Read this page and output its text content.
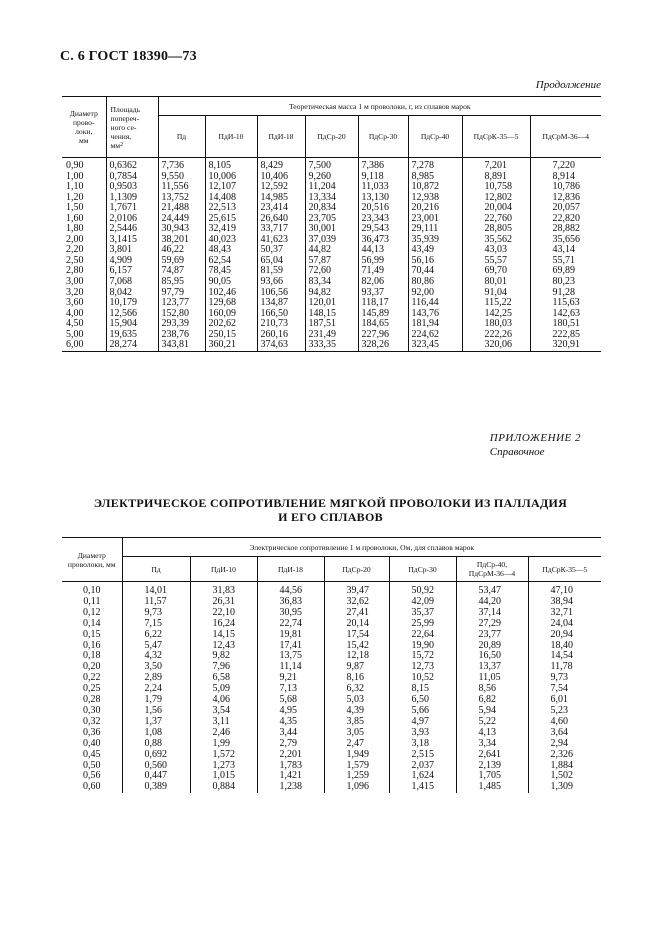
С. 6 ГОСТ 18390—73
Продолжение
Диаметр
прово-
локи,
мм	Площадь
попереч-
ного се-
чения,
$мм^2$	Теоретическая масса 1 м проволоки, г, из сплавов марок							
		Пд	ПдИ-10	ПдИ-18	ПдСр-20	ПдСр-30	ПдСр-40	ПдСрК-35—5	ПдСрМ-36—4
0,90	0,6362	7,736	8,105	8,429	7,500	7,386	7,278	7,201	7,220
1,00	0,7854	9,550	10,006	10,406	9,260	9,118	8,985	8,891	8,914
1,10	0,9503	11,556	12,107	12,592	11,204	11,033	10,872	10,758	10,786
1,20	1,1309	13,752	14,408	14,985	13,334	13,130	12,938	12,802	12,836
1,50	1,7671	21,488	22,513	23,414	20,834	20,516	20,216	20,004	20,057
1,60	2,0106	24,449	25,615	26,640	23,705	23,343	23,001	22,760	22,820
1,80	2,5446	30,943	32,419	33,717	30,001	29,543	29,111	28,805	28,882
2,00	3,1415	38,201	40,023	41,623	37,039	36,473	35,939	35,562	35,656
2,20	3,801	46,22	48,43	50,37	44,82	44,13	43,49	43,03	43,14
2,50	4,909	59,69	62,54	65,04	57,87	56,99	56,16	55,57	55,71
2,80	6,157	74,87	78,45	81,59	72,60	71,49	70,44	69,70	69,89
3,00	7,068	85,95	90,05	93,66	83,34	82,06	80,86	80,01	80,23
3,20	8,042	97,79	102,46	106,56	94,82	93,37	92,00	91,04	91,28
3,60	10,179	123,77	129,68	134,87	120,01	118,17	116,44	115,22	115,63
4,00	12,566	152,80	160,09	166,50	148,15	145,89	143,76	142,25	142,63
4,50	15,904	293,39	202,62	210,73	187,51	184,65	181,94	180,03	180,51
5,00	19,635	238,76	250,15	260,16	231,49	227,96	224,62	222,26	222,85
6,00	28,274	343,81	360,21	374,63	333,35	328,26	323,45	320,06	320,91
ПРИЛОЖЕНИЕ 2
Справочное
ЭЛЕКТРИЧЕСКОЕ СОПРОТИВЛЕНИЕ МЯГКОЙ ПРОВОЛОКИ ИЗ ПАЛЛАДИЯ
И ЕГО СПЛАВОВ
Диаметр
проволоки, мм	Электрическое сопротивление 1 м проволоки, Ом, для сплавов марок						
	Пд	ПдИ-10	ПдИ-18	ПдСр-20	ПдСр-30	ПдСр-40,
ПдСрМ-36—4	ПдСрК-35—5
0,10	14,01	31,83	44,56	39,47	50,92	53,47	47,10
0,11	11,57	26,31	36,83	32,62	42,09	44,20	38,94
0,12	9,73	22,10	30,95	27,41	35,37	37,14	32,71
0,14	7,15	16,24	22,74	20,14	25,99	27,29	24,04
0,15	6,22	14,15	19,81	17,54	22,64	23,77	20,94
0,16	5,47	12,43	17,41	15,42	19,90	20,89	18,40
0,18	4,32	9,82	13,75	12,18	15,72	16,50	14,54
0,20	3,50	7,96	11,14	9,87	12,73	13,37	11,78
0,22	2,89	6,58	9,21	8,16	10,52	11,05	9,73
0,25	2,24	5,09	7,13	6,32	8,15	8,56	7,54
0,28	1,79	4,06	5,68	5,03	6,50	6,82	6,01
0,30	1,56	3,54	4,95	4,39	5,66	5,94	5,23
0,32	1,37	3,11	4,35	3,85	4,97	5,22	4,60
0,36	1,08	2,46	3,44	3,05	3,93	4,13	3,64
0,40	0,88	1,99	2,79	2,47	3,18	3,34	2,94
0,45	0,692	1,572	2,201	1,949	2,515	2,641	2,326
0,50	0,560	1,273	1,783	1,579	2,037	2,139	1,884
0,56	0,447	1,015	1,421	1,259	1,624	1,705	1,502
0,60	0,389	0,884	1,238	1,096	1,415	1,485	1,309
